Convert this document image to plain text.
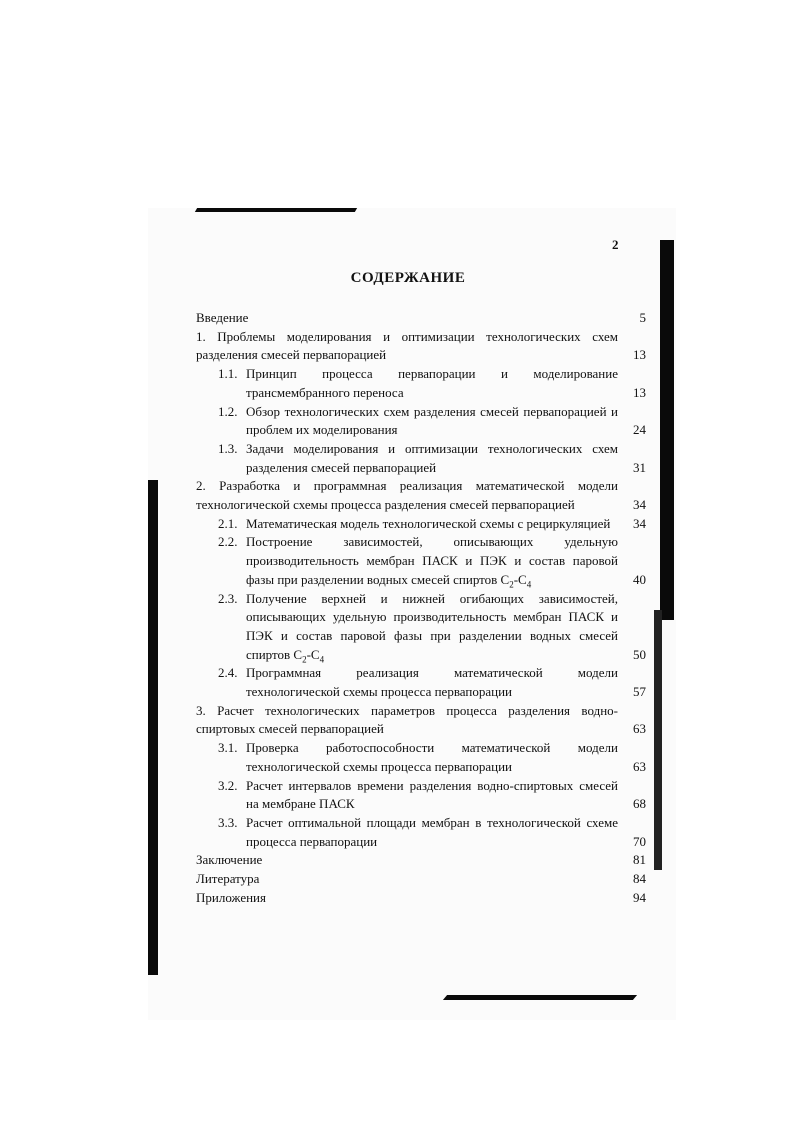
2
СОДЕРЖАНИЕ
Введение	5
1. Проблемы моделирования и оптимизации технологических схем разделения смесей первапорацией	13
1.1. Принцип процесса первапорации и моделирование трансмембранного переноса	13
1.2. Обзор технологических схем разделения смесей первапорацией и проблем их моделирования	24
1.3. Задачи моделирования и оптимизации технологических схем разделения смесей первапорацией	31
2. Разработка и программная реализация математической модели технологической схемы процесса разделения смесей первапорацией	34
2.1. Математическая модель технологической схемы с рециркуляцией	34
2.2. Построение зависимостей, описывающих удельную производительность мембран ПАСК и ПЭК и состав паровой фазы при разделении водных смесей спиртов $C_2-C_4$	40
2.3. Получение верхней и нижней огибающих зависимостей, описывающих удельную производительность мембран ПАСК и ПЭК и состав паровой фазы при разделении водных смесей спиртов $C_2-C_4$	50
2.4. Программная реализация математической модели технологической схемы процесса первапорации	57
3. Расчет технологических параметров процесса разделения водно-спиртовых смесей первапорацией	63
3.1. Проверка работоспособности математической модели технологической схемы процесса первапорации	63
3.2. Расчет интервалов времени разделения водно-спиртовых смесей на мембране ПАСК	68
3.3. Расчет оптимальной площади мембран в технологической схеме процесса первапорации	70
Заключение	81
Литература	84
Приложения	94
